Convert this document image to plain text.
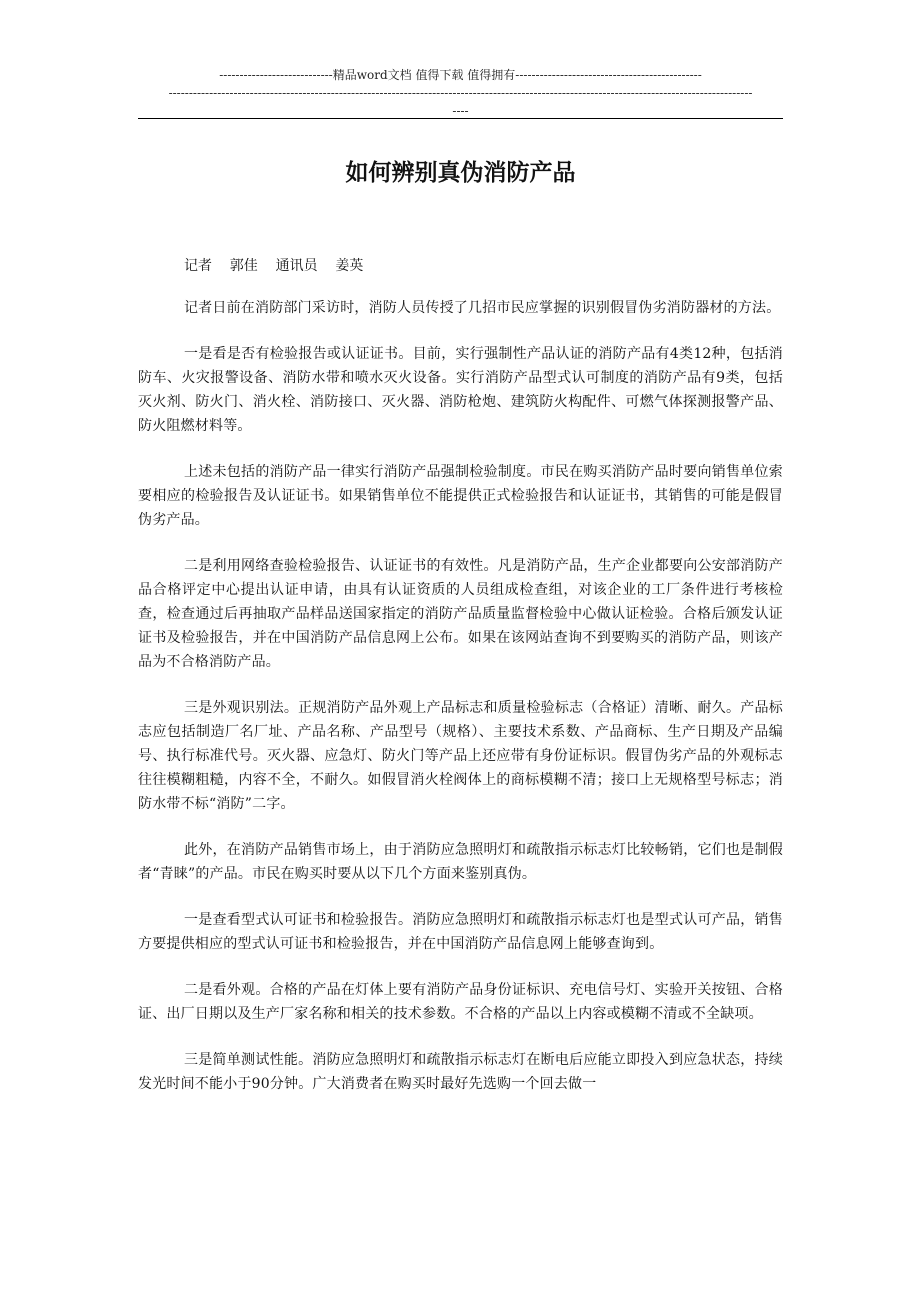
----------------------------精品word文档 值得下载 值得拥有----------------------------------------------
------------------------------------------------------------------------------------------------------------------------------------------------
----
如何辨别真伪消防产品

记者    郭佳    通讯员    姜英

记者日前在消防部门采访时，消防人员传授了几招市民应掌握的识别假冒伪劣消防器材的方法。

一是看是否有检验报告或认证证书。目前，实行强制性产品认证的消防产品有4类12种，包括消防车、火灾报警设备、消防水带和喷水灭火设备。实行消防产品型式认可制度的消防产品有9类，包括灭火剂、防火门、消火栓、消防接口、灭火器、消防枪炮、建筑防火构配件、可燃气体探测报警产品、防火阻燃材料等。

上述未包括的消防产品一律实行消防产品强制检验制度。市民在购买消防产品时要向销售单位索要相应的检验报告及认证证书。如果销售单位不能提供正式检验报告和认证证书，其销售的可能是假冒伪劣产品。

二是利用网络查验检验报告、认证证书的有效性。凡是消防产品，生产企业都要向公安部消防产品合格评定中心提出认证申请，由具有认证资质的人员组成检查组，对该企业的工厂条件进行考核检查，检查通过后再抽取产品样品送国家指定的消防产品质量监督检验中心做认证检验。合格后颁发认证证书及检验报告，并在中国消防产品信息网上公布。如果在该网站查询不到要购买的消防产品，则该产品为不合格消防产品。

三是外观识别法。正规消防产品外观上产品标志和质量检验标志（合格证）清晰、耐久。产品标志应包括制造厂名厂址、产品名称、产品型号（规格）、主要技术系数、产品商标、生产日期及产品编号、执行标准代号。灭火器、应急灯、防火门等产品上还应带有身份证标识。假冒伪劣产品的外观标志往往模糊粗糙，内容不全，不耐久。如假冒消火栓阀体上的商标模糊不清；接口上无规格型号标志；消防水带不标“消防”二字。

此外，在消防产品销售市场上，由于消防应急照明灯和疏散指示标志灯比较畅销，它们也是制假者“青睐”的产品。市民在购买时要从以下几个方面来鉴别真伪。

一是查看型式认可证书和检验报告。消防应急照明灯和疏散指示标志灯也是型式认可产品，销售方要提供相应的型式认可证书和检验报告，并在中国消防产品信息网上能够查询到。

二是看外观。合格的产品在灯体上要有消防产品身份证标识、充电信号灯、实验开关按钮、合格证、出厂日期以及生产厂家名称和相关的技术参数。不合格的产品以上内容或模糊不清或不全缺项。

三是简单测试性能。消防应急照明灯和疏散指示标志灯在断电后应能立即投入到应急状态，持续发光时间不能小于90分钟。广大消费者在购买时最好先选购一个回去做一
